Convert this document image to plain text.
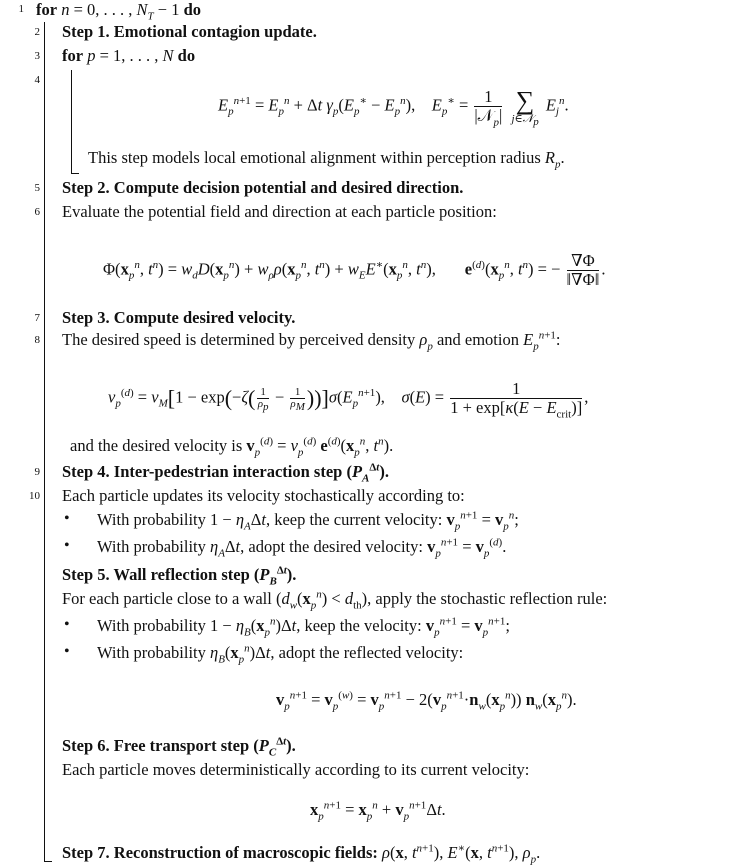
1
2
3
4
5
6
7
8
9
10
for n = 0, . . . , $N_T - 1$ do
Step 1. Emotional contagion update.
for p = 1, . . . , N do
$E_p^{n+1} = E_p^n + \Delta t$ $\gamma_p(E_p^∗ - E_p^n)$,    $E_p^∗ = \frac{1}{|𝒩_p|}$
∑
j∈𝒩$_p$
$E_j^n$.
This step models local emotional alignment within perception radius $R_p$.
Step 2. Compute decision potential and desired direction.
Evaluate the potential field and direction at each particle position:
$\Phi(x_p^n$, $t^n) = w_dD(x_p^n) + w_\rho\rho(x_p^n$, $t^n) + w_EE^∗(x_p^n$, $t^n$),       $e^{(d)}(x_p^n$, $t^n$) = − $\frac{\nabla\Phi}{‖\nabla\Phi‖}$ .
Step 3. Compute desired velocity.
The desired speed is determined by perceived density $\rho_p$ and emotion $E_p^{n+1}$:
$v_p^{(d)} = v_M[1 - \exp(-\zeta( \frac{1}{\rho_p} - \frac{1}{\rho_M} ))]\sigma(E_p^{n+1})$,    $\sigma(E) = \frac{1}{1 + \exp[\kappa(E - E_{crit})]}$ ,
and the desired velocity is $v_p^{(d)} = v_p^{(d)}$ $e^{(d)}(x_p^n$, $t^n$).
Step 4. Inter-pedestrian interaction step $(P_A^{\Delta t})$.
Each particle updates its velocity stochastically according to:
• With probability $1 - \eta_A\Delta t$, keep the current velocity: $v_p^{n+1} = v_p^n$;
• With probability $\eta_A\Delta t$, adopt the desired velocity: $v_p^{n+1} = v_p^{(d)}$.
Step 5. Wall reflection step $(P_B^{\Delta t})$.
For each particle close to a wall $(d_w(x_p^n) < d_{th})$, apply the stochastic reflection rule:
• With probability $1 - \eta_B(x_p^n)\Delta t$, keep the velocity: $v_p^{n+1} = v_p^{n+1}$;
• With probability $\eta_B(x_p^n)\Delta t$, adopt the reflected velocity:
$v_p^{n+1} = v_p^{(w)} = v_p^{n+1} - 2(v_p^{n+1}\cdot n_w(x_p^n))$ $n_w(x_p^n)$.
Step 6. Free transport step $(P_C^{\Delta t})$.
Each particle moves deterministically according to its current velocity:
$x_p^{n+1} = x_p^n + v_p^{n+1}\Delta t$.
Step 7. Reconstruction of macroscopic fields: ρ(x, $t^{n+1}$), E∗(x, $t^{n+1}$), $\rho_p$.
